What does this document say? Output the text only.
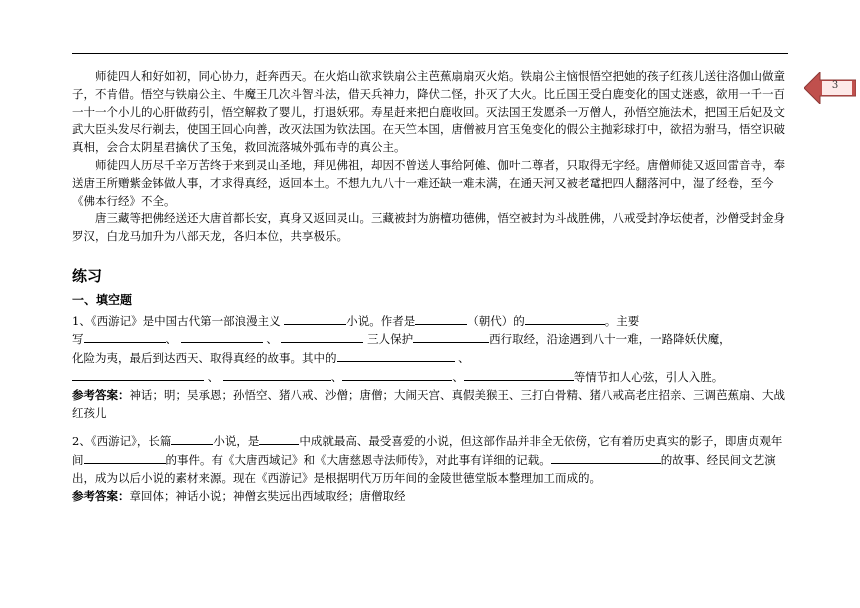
3

师徒四人和好如初，同心协力，赶奔西天。在火焰山欲求铁扇公主芭蕉扇扇灭火焰。铁扇公主恼恨悟空把她的孩子红孩儿送往洛伽山做童子，不肯借。悟空与铁扇公主、牛魔王几次斗智斗法，借天兵神力，降伏二怪，扑灭了大火。比丘国王受白鹿变化的国丈迷惑，欲用一千一百一十一个小儿的心肝做药引，悟空解救了婴儿，打退妖邪。寿星赶来把白鹿收回。灭法国王发愿杀一万僧人，孙悟空施法术，把国王后妃及文武大臣头发尽行剃去，使国王回心向善，改灭法国为钦法国。在天竺本国，唐僧被月宫玉兔变化的假公主抛彩球打中，欲招为驸马，悟空识破真相，会合太阴星君擒伏了玉兔，救回流落城外弧布寺的真公主。

师徒四人历尽千辛万苦终于来到灵山圣地，拜见佛祖，却因不曾送人事给阿傩、伽叶二尊者，只取得无字经。唐僧师徒又返回雷音寺，奉送唐王所赠紫金钵做人事，才求得真经，返回本土。不想九九八十一难还缺一难未满，在通天河又被老鼋把四人翻落河中，湿了经卷，至今《佛本行经》不全。

唐三藏等把佛经送还大唐首都长安，真身又返回灵山。三藏被封为旃檀功德佛，悟空被封为斗战胜佛，八戒受封净坛使者，沙僧受封金身罗汉，白龙马加升为八部天龙，各归本位，共享极乐。

练习
一、填空题

1、《西游记》是中国古代第一部浪漫主义	小说。作者是	（朝代）的	。主要
写	、	、	三人保护	西行取经，沿途遇到八十一难，一路降妖伏魔，
化险为夷，最后到达西天、取得真经的故事。其中的	、
、	、	、	等情节扣人心弦，引人入胜。

参考答案：神话；明；吴承恩；孙悟空、猪八戒、沙僧；唐僧；大闹天宫、真假美猴王、三打白骨精、猪八戒高老庄招亲、三调芭蕉扇、大战红孩儿

2、《西游记》，长篇	小说，是	中成就最高、最受喜爱的小说，但这部作品并非全无依傍，它有着历史真实的影子，即唐贞观年间	的事件。有《大唐西域记》和《大唐慈恩寺法师传》，对此事有详细的记载。	的故事、经民间文艺演出，成为以后小说的素材来源。现在《西游记》是根据明代万历年间的金陵世德堂版本整理加工而成的。

参考答案：章回体；神话小说；神僧玄奘远出西域取经；唐僧取经
